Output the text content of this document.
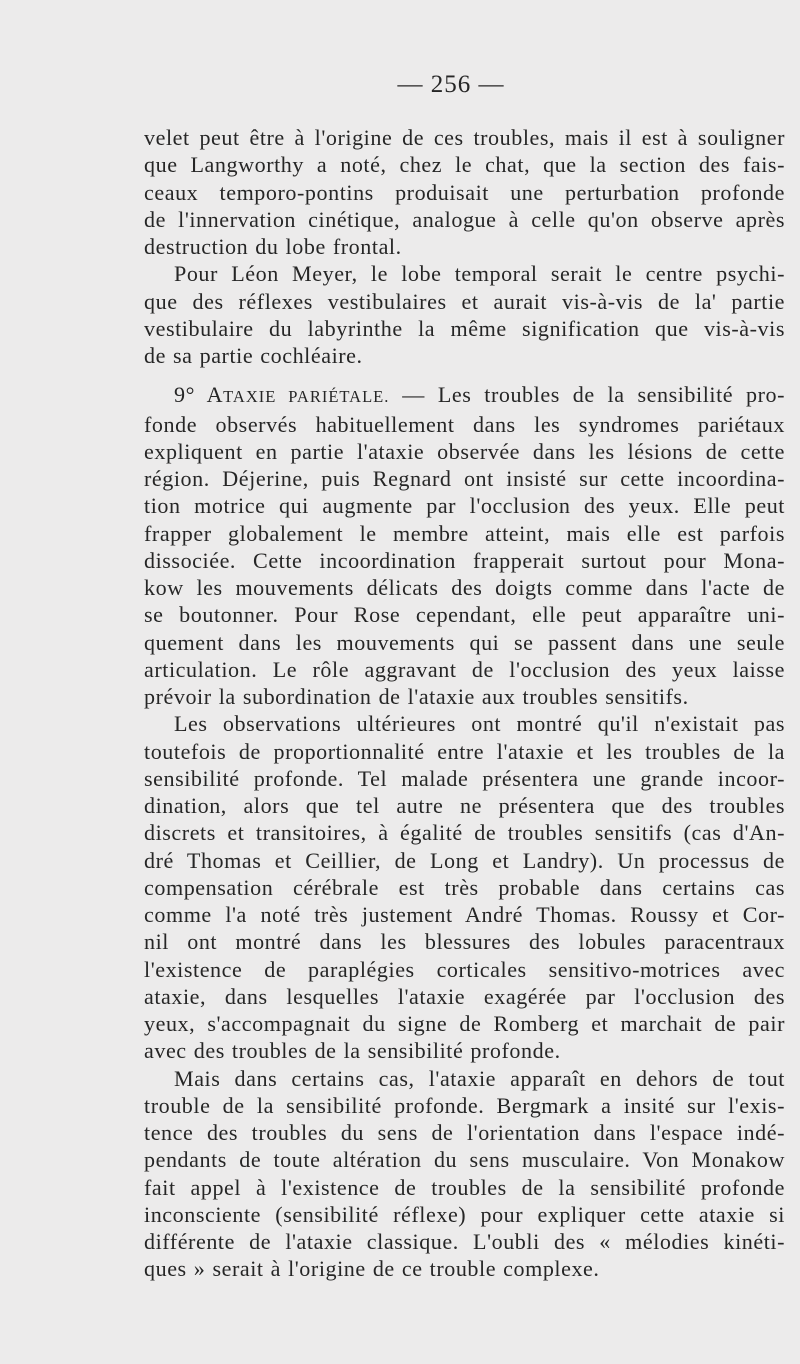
— 256 —
velet peut être à l'origine de ces troubles, mais il est à souligner
que Langworthy a noté, chez le chat, que la section des fais-
ceaux temporo-pontins produisait une perturbation profonde
de l'innervation cinétique, analogue à celle qu'on observe après
destruction du lobe frontal.
Pour Léon Meyer, le lobe temporal serait le centre psychi-
que des réflexes vestibulaires et aurait vis-à-vis de la' partie
vestibulaire du labyrinthe la même signification que vis-à-vis
de sa partie cochléaire.
9° ATAXIE PARIÉTALE. — Les troubles de la sensibilité pro-
fonde observés habituellement dans les syndromes pariétaux
expliquent en partie l'ataxie observée dans les lésions de cette
région. Déjerine, puis Regnard ont insisté sur cette incoordina-
tion motrice qui augmente par l'occlusion des yeux. Elle peut
frapper globalement le membre atteint, mais elle est parfois
dissociée. Cette incoordination frapperait surtout pour Mona-
kow les mouvements délicats des doigts comme dans l'acte de
se boutonner. Pour Rose cependant, elle peut apparaître uni-
quement dans les mouvements qui se passent dans une seule
articulation. Le rôle aggravant de l'occlusion des yeux laisse
prévoir la subordination de l'ataxie aux troubles sensitifs.
Les observations ultérieures ont montré qu'il n'existait pas
toutefois de proportionnalité entre l'ataxie et les troubles de la
sensibilité profonde. Tel malade présentera une grande incoor-
dination, alors que tel autre ne présentera que des troubles
discrets et transitoires, à égalité de troubles sensitifs (cas d'An-
dré Thomas et Ceillier, de Long et Landry). Un processus de
compensation cérébrale est très probable dans certains cas
comme l'a noté très justement André Thomas. Roussy et Cor-
nil ont montré dans les blessures des lobules paracentraux
l'existence de paraplégies corticales sensitivo-motrices avec
ataxie, dans lesquelles l'ataxie exagérée par l'occlusion des
yeux, s'accompagnait du signe de Romberg et marchait de pair
avec des troubles de la sensibilité profonde.
Mais dans certains cas, l'ataxie apparaît en dehors de tout
trouble de la sensibilité profonde. Bergmark a insité sur l'exis-
tence des troubles du sens de l'orientation dans l'espace indé-
pendants de toute altération du sens musculaire. Von Monakow
fait appel à l'existence de troubles de la sensibilité profonde
inconsciente (sensibilité réflexe) pour expliquer cette ataxie si
différente de l'ataxie classique. L'oubli des « mélodies kinéti-
ques » serait à l'origine de ce trouble complexe.
